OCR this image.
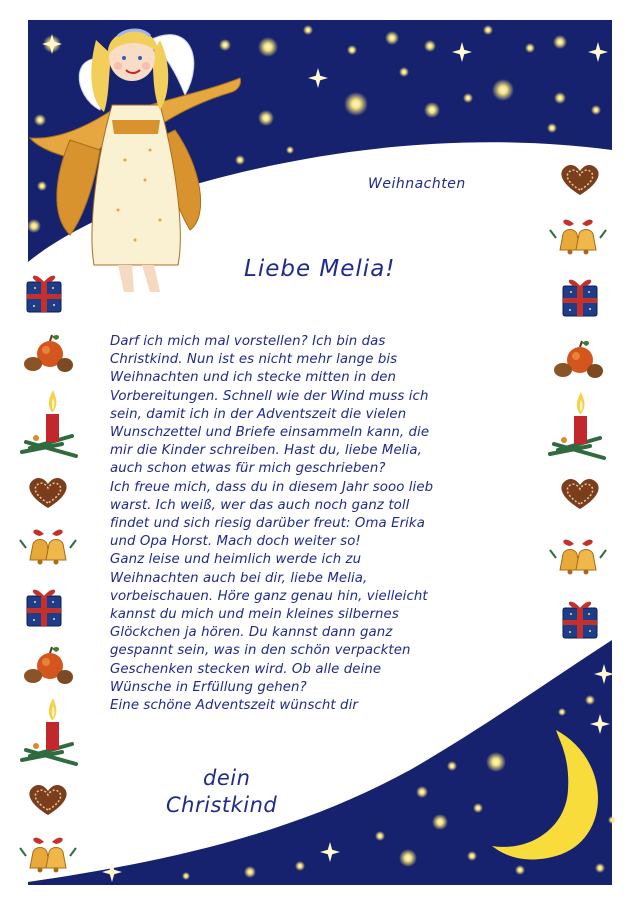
Weihnachten
Liebe Melia!
Darf ich mich mal vorstellen? Ich bin das
Christkind. Nun ist es nicht mehr lange bis
Weihnachten und ich stecke mitten in den
Vorbereitungen. Schnell wie der Wind muss ich
sein, damit ich in der Adventszeit die vielen
Wunschzettel und Briefe einsammeln kann, die
mir die Kinder schreiben. Hast du, liebe Melia,
auch schon etwas für mich geschrieben?
Ich freue mich, dass du in diesem Jahr sooo lieb
warst. Ich weiß, wer das auch noch ganz toll
findet und sich riesig darüber freut: Oma Erika
und Opa Horst. Mach doch weiter so!
Ganz leise und heimlich werde ich zu
Weihnachten auch bei dir, liebe Melia,
vorbeischauen. Höre ganz genau hin, vielleicht
kannst du mich und mein kleines silbernes
Glöckchen ja hören. Du kannst dann ganz
gespannt sein, was in den schön verpackten
Geschenken stecken wird. Ob alle deine
Wünsche in Erfüllung gehen?
Eine schöne Adventszeit wünscht dir
dein
Christkind
